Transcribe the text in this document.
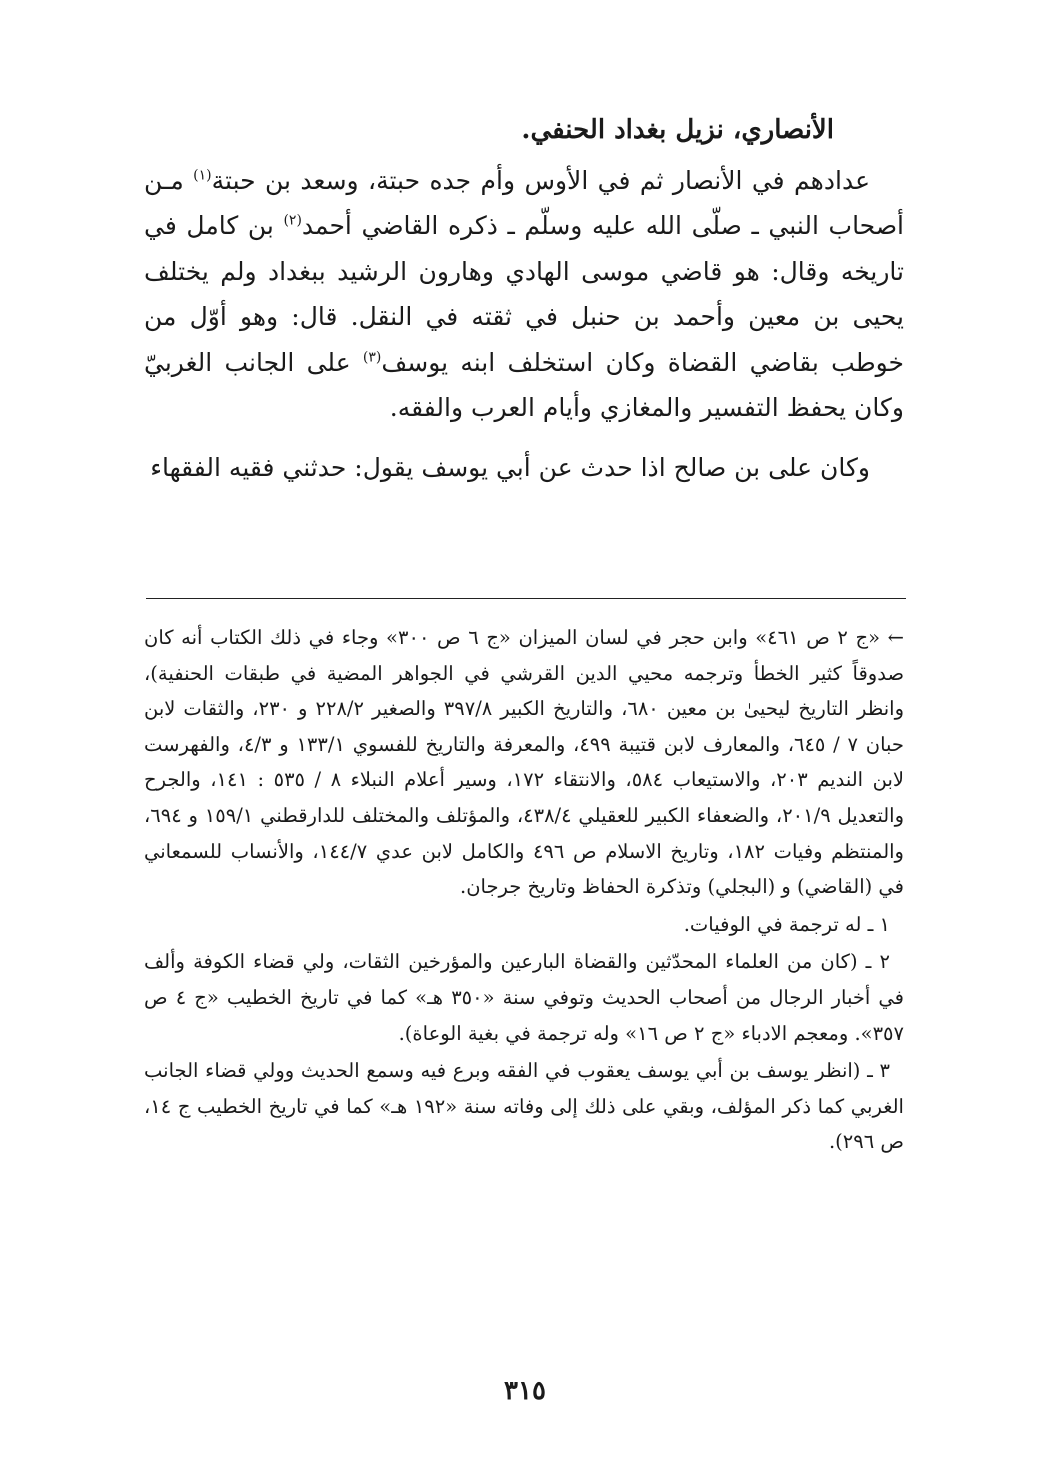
الأنصاري، نزيل بغداد الحنفي.

عدادهم في الأنصار ثم في الأوس وأم جده حبتة، وسعد بن حبتة$^{(١)}$ مـن أصحاب النبي ـ صلّى الله عليه وسلّم ـ ذكره القاضي أحمد$^{(٢)}$ بن كامل في تاريخه وقال: هو قاضي موسى الهادي وهارون الرشيد ببغداد ولم يختلف يحيى بن معين وأحمد بن حنبل في ثقته في النقل. قال: وهو أوّل من خوطب بقاضي القضاة وكان استخلف ابنه يوسف$^{(٣)}$ على الجانب الغربيّ وكان يحفظ التفسير والمغازي وأيام العرب والفقه.

وكان على بن صالح اذا حدث عن أبي يوسف يقول: حدثني فقيه الفقهاء

← «ج ٢ ص ٤٦١» وابن حجر في لسان الميزان «ج ٦ ص ٣٠٠» وجاء في ذلك الكتاب أنه كان صدوقاً كثير الخطأ وترجمه محيي الدين القرشي في الجواهر المضية في طبقات الحنفية)، وانظر التاريخ ليحيىٰ بن معين ٦٨٠، والتاريخ الكبير ٣٩٧/٨ والصغير ٢٢٨/٢ و ٢٣٠، والثقات لابن حبان ٧ / ٦٤٥، والمعارف لابن قتيبة ٤٩٩، والمعرفة والتاريخ للفسوي ١٣٣/١ و ٤/٣، والفهرست لابن النديم ٢٠٣، والاستيعاب ٥٨٤، والانتقاء ١٧٢، وسير أعلام النبلاء ٨ / ٥٣٥ : ١٤١، والجرح والتعديل ٢٠١/٩، والضعفاء الكبير للعقيلي ٤٣٨/٤، والمؤتلف والمختلف للدارقطني ١٥٩/١ و ٦٩٤، والمنتظم وفيات ١٨٢، وتاريخ الاسلام ص ٤٩٦ والكامل لابن عدي ١٤٤/٧، والأنساب للسمعاني في (القاضي) و (البجلي) وتذكرة الحفاظ وتاريخ جرجان.

١ ـ له ترجمة في الوفيات.

٢ ـ (كان من العلماء المحدّثين والقضاة البارعين والمؤرخين الثقات، ولي قضاء الكوفة وألف في أخبار الرجال من أصحاب الحديث وتوفي سنة «٣٥٠ هـ» كما في تاريخ الخطيب «ج ٤ ص ٣٥٧». ومعجم الادباء «ج ٢ ص ١٦» وله ترجمة في بغية الوعاة).

٣ ـ (انظر يوسف بن أبي يوسف يعقوب في الفقه وبرع فيه وسمع الحديث وولي قضاء الجانب الغربي كما ذكر المؤلف، وبقي على ذلك إلى وفاته سنة «١٩٢ هـ» كما في تاريخ الخطيب ج ١٤، ص ٢٩٦).

٣١٥
